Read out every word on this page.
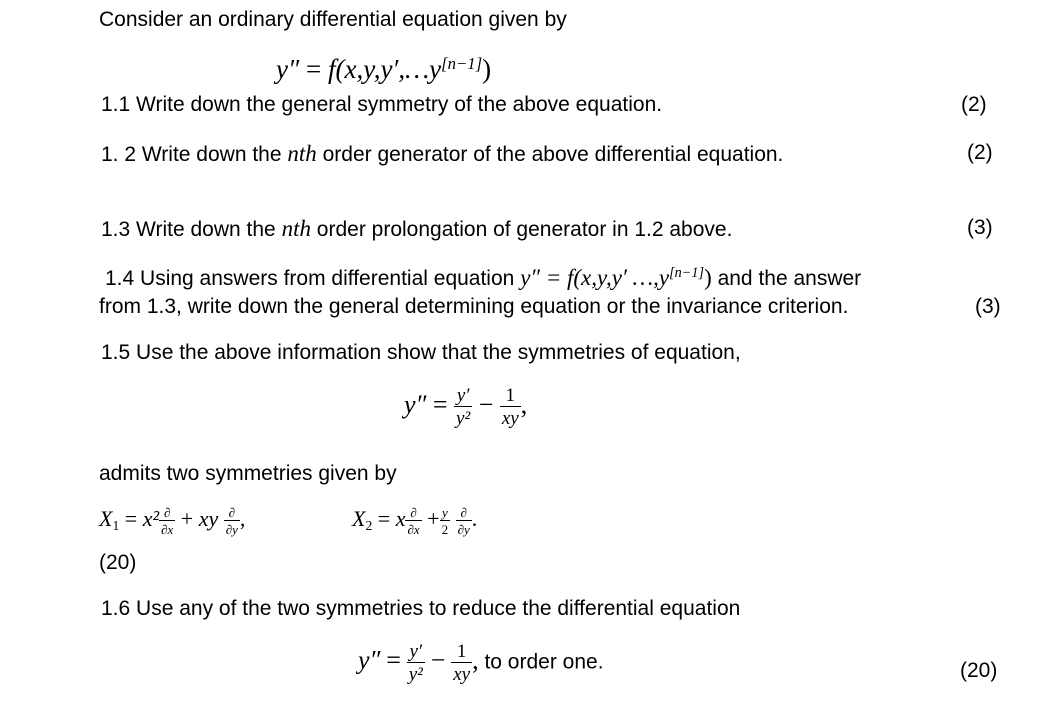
Consider an ordinary differential equation given by
y″ = f(x,y,y′,…y[n−1])
1.1 Write down the general symmetry of the above equation.	(2)
1. 2 Write down the nth order generator of the above differential equation.	(2)
1.3 Write down the nth order prolongation of generator in 1.2 above.	(3)
1.4 Using answers from differential equation y″ = f(x,y,y′ …,y[n−1]) and the answer
from 1.3, write down the general determining equation or the invariance criterion.	(3)
1.5 Use the above information show that the symmetries of equation,
$y'' = \frac{y'}{\text{y²}} - \frac{1}{xy}$ ,
admits two symmetries given by
$X_1 = x^2 \frac{\partial}{\partial x}$ + xy $\frac{\partial}{\partial y}$ ,	$X_2 = x \frac{\partial}{\partial x} + \frac{y}{2}$
$\frac{\partial}{\partial y}$ .
(20)
1.6 Use any of the two symmetries to reduce the differential equation
$y'' = \frac{y'}{\text{y²}} - \frac{1}{xy}$ , to order one.	(20)
